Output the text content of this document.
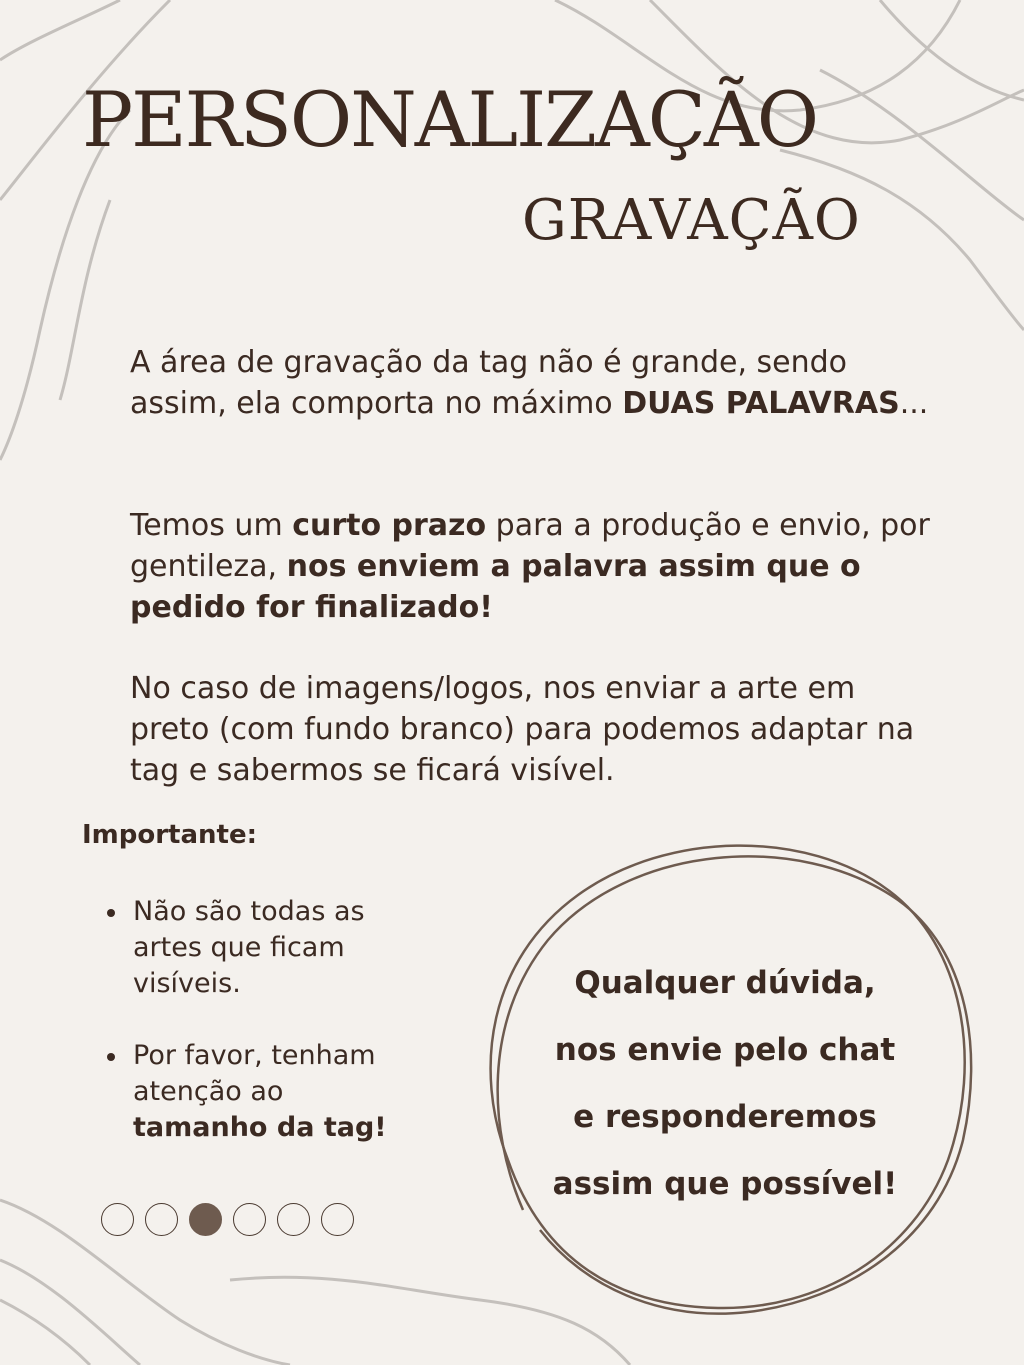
PERSONALIZAÇÃO
GRAVAÇÃO

A área de gravação da tag não é grande, sendo assim, ela comporta no máximo DUAS PALAVRAS...

Temos um curto prazo para a produção e envio, por gentileza, nos enviem a palavra assim que o pedido for finalizado!

No caso de imagens/logos, nos enviar a arte em preto (com fundo branco) para podemos adaptar na tag e sabermos se ficará visível.

Importante:
Não são todas as artes que ficam visíveis.
Por favor, tenham atenção ao tamanho da tag!
Qualquer dúvida,
nos envie pelo chat
e responderemos
assim que possível!
